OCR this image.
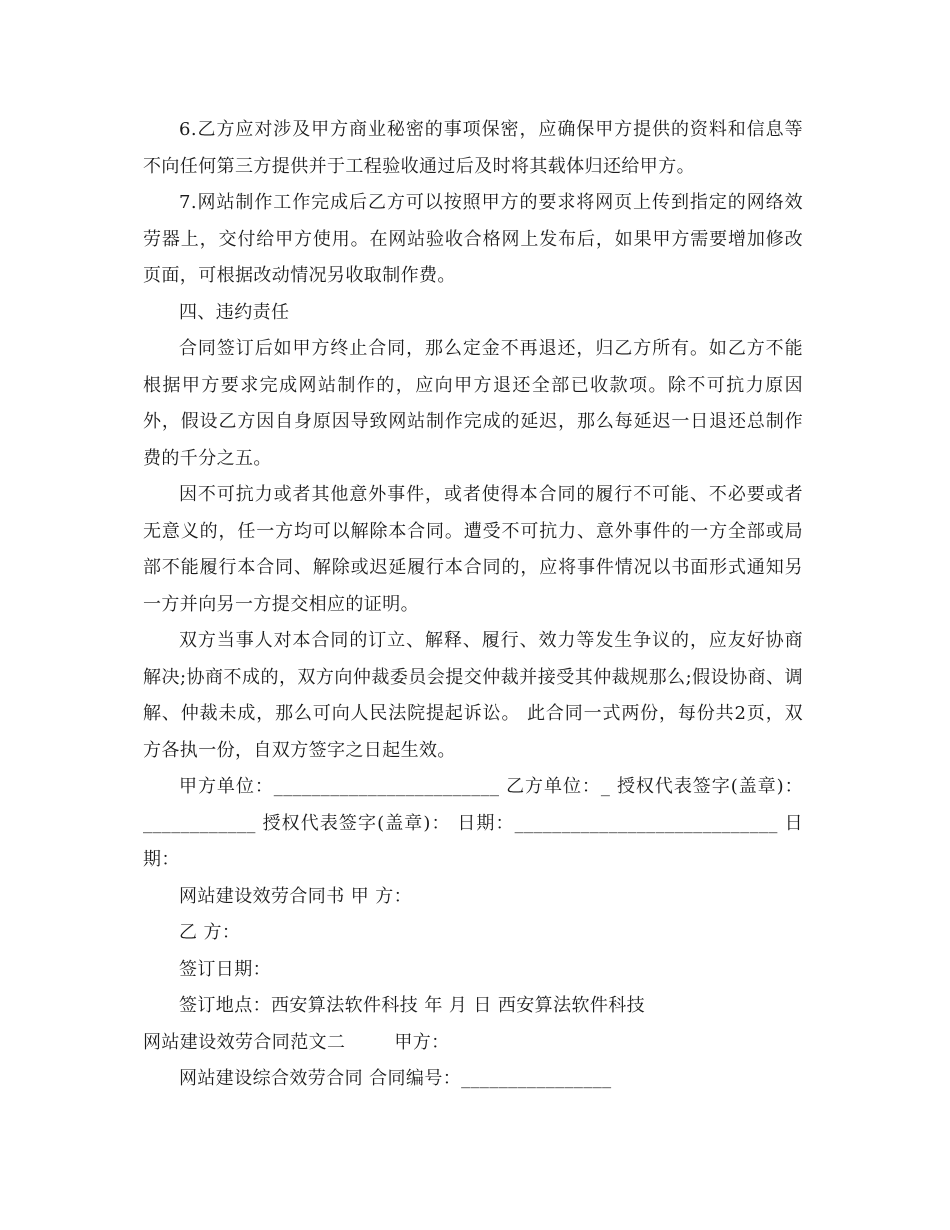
6.乙方应对涉及甲方商业秘密的事项保密，应确保甲方提供的资料和信息等不向任何第三方提供并于工程验收通过后及时将其载体归还给甲方。

7.网站制作工作完成后乙方可以按照甲方的要求将网页上传到指定的网络效劳器上，交付给甲方使用。在网站验收合格网上发布后，如果甲方需要增加修改页面，可根据改动情况另收取制作费。

四、违约责任

合同签订后如甲方终止合同，那么定金不再退还，归乙方所有。如乙方不能根据甲方要求完成网站制作的，应向甲方退还全部已收款项。除不可抗力原因外，假设乙方因自身原因导致网站制作完成的延迟，那么每延迟一日退还总制作费的千分之五。

因不可抗力或者其他意外事件，或者使得本合同的履行不可能、不必要或者无意义的，任一方均可以解除本合同。遭受不可抗力、意外事件的一方全部或局部不能履行本合同、解除或迟延履行本合同的，应将事件情况以书面形式通知另一方并向另一方提交相应的证明。

双方当事人对本合同的订立、解释、履行、效力等发生争议的，应友好协商解决;协商不成的，双方向仲裁委员会提交仲裁并接受其仲裁规那么;假设协商、调解、仲裁未成，那么可向人民法院提起诉讼。 此合同一式两份，每份共2页，双方各执一份，自双方签字之日起生效。

甲方单位：________________________ 乙方单位：_ 授权代表签字(盖章)：____________ 授权代表签字(盖章)： 日期：____________________________ 日期：

网站建设效劳合同书 甲 方：

乙 方：

签订日期：

签订地点：西安算法软件科技 年 月 日 西安算法软件科技

网站建设效劳合同范文二        甲方：

网站建设综合效劳合同 合同编号：________________
